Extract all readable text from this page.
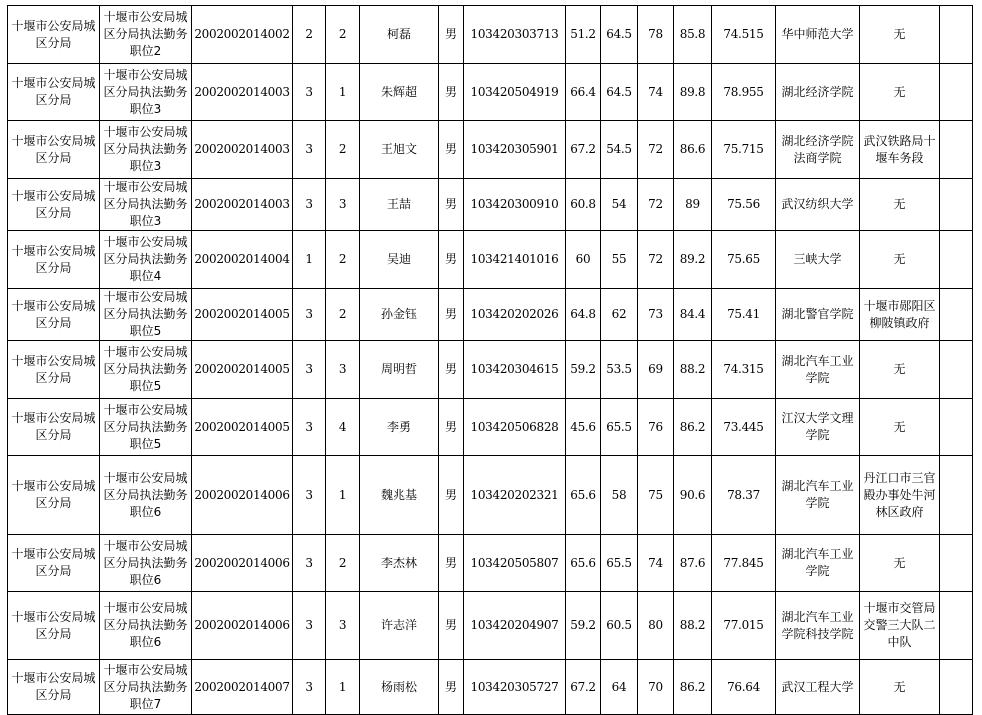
十堰市公安局城区分局	十堰市公安局城区分局执法勤务职位2	2002002014002	2	2	柯磊	男	103420303713	51.2	64.5	78	85.8	74.515	华中师范大学	无	
十堰市公安局城区分局	十堰市公安局城区分局执法勤务职位3	2002002014003	3	1	朱辉超	男	103420504919	66.4	64.5	74	89.8	78.955	湖北经济学院	无	
十堰市公安局城区分局	十堰市公安局城区分局执法勤务职位3	2002002014003	3	2	王旭文	男	103420305901	67.2	54.5	72	86.6	75.715	湖北经济学院法商学院	武汉铁路局十堰车务段	
十堰市公安局城区分局	十堰市公安局城区分局执法勤务职位3	2002002014003	3	3	王喆	男	103420300910	60.8	54	72	89	75.56	武汉纺织大学	无	
十堰市公安局城区分局	十堰市公安局城区分局执法勤务职位4	2002002014004	1	2	吴迪	男	103421401016	60	55	72	89.2	75.65	三峡大学	无	
十堰市公安局城区分局	十堰市公安局城区分局执法勤务职位5	2002002014005	3	2	孙金钰	男	103420202026	64.8	62	73	84.4	75.41	湖北警官学院	十堰市郧阳区柳陂镇政府	
十堰市公安局城区分局	十堰市公安局城区分局执法勤务职位5	2002002014005	3	3	周明哲	男	103420304615	59.2	53.5	69	88.2	74.315	湖北汽车工业学院	无	
十堰市公安局城区分局	十堰市公安局城区分局执法勤务职位5	2002002014005	3	4	李勇	男	103420506828	45.6	65.5	76	86.2	73.445	江汉大学文理学院	无	
十堰市公安局城区分局	十堰市公安局城区分局执法勤务职位6	2002002014006	3	1	魏兆基	男	103420202321	65.6	58	75	90.6	78.37	湖北汽车工业学院	丹江口市三官殿办事处牛河林区政府	
十堰市公安局城区分局	十堰市公安局城区分局执法勤务职位6	2002002014006	3	2	李杰林	男	103420505807	65.6	65.5	74	87.6	77.845	湖北汽车工业学院	无	
十堰市公安局城区分局	十堰市公安局城区分局执法勤务职位6	2002002014006	3	3	许志洋	男	103420204907	59.2	60.5	80	88.2	77.015	湖北汽车工业学院科技学院	十堰市交管局交警三大队二中队	
十堰市公安局城区分局	十堰市公安局城区分局执法勤务职位7	2002002014007	3	1	杨雨松	男	103420305727	67.2	64	70	86.2	76.64	武汉工程大学	无	
